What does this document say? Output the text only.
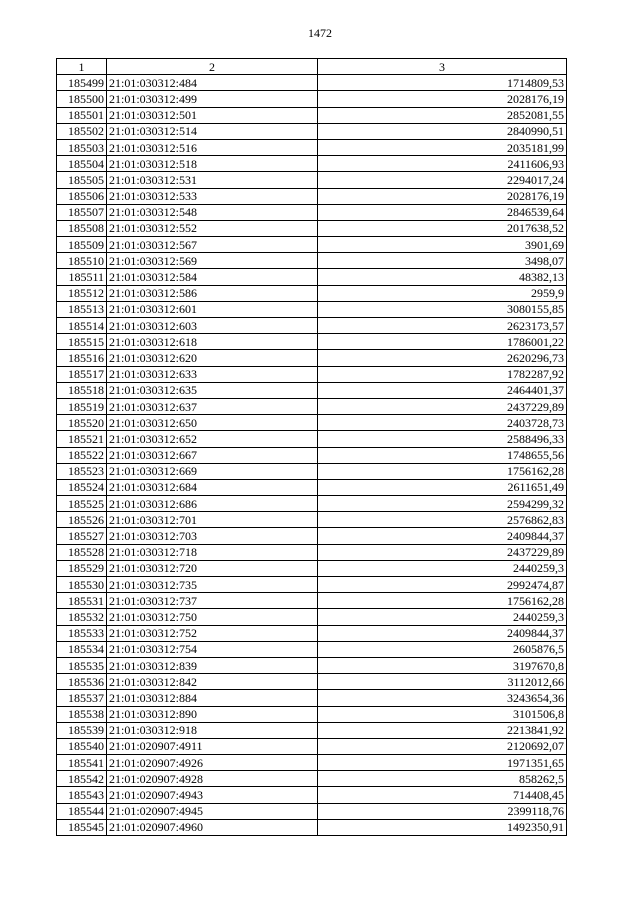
1472
1	2	3
185499	21:01:030312:484	1714809,53
185500	21:01:030312:499	2028176,19
185501	21:01:030312:501	2852081,55
185502	21:01:030312:514	2840990,51
185503	21:01:030312:516	2035181,99
185504	21:01:030312:518	2411606,93
185505	21:01:030312:531	2294017,24
185506	21:01:030312:533	2028176,19
185507	21:01:030312:548	2846539,64
185508	21:01:030312:552	2017638,52
185509	21:01:030312:567	3901,69
185510	21:01:030312:569	3498,07
185511	21:01:030312:584	48382,13
185512	21:01:030312:586	2959,9
185513	21:01:030312:601	3080155,85
185514	21:01:030312:603	2623173,57
185515	21:01:030312:618	1786001,22
185516	21:01:030312:620	2620296,73
185517	21:01:030312:633	1782287,92
185518	21:01:030312:635	2464401,37
185519	21:01:030312:637	2437229,89
185520	21:01:030312:650	2403728,73
185521	21:01:030312:652	2588496,33
185522	21:01:030312:667	1748655,56
185523	21:01:030312:669	1756162,28
185524	21:01:030312:684	2611651,49
185525	21:01:030312:686	2594299,32
185526	21:01:030312:701	2576862,83
185527	21:01:030312:703	2409844,37
185528	21:01:030312:718	2437229,89
185529	21:01:030312:720	2440259,3
185530	21:01:030312:735	2992474,87
185531	21:01:030312:737	1756162,28
185532	21:01:030312:750	2440259,3
185533	21:01:030312:752	2409844,37
185534	21:01:030312:754	2605876,5
185535	21:01:030312:839	3197670,8
185536	21:01:030312:842	3112012,66
185537	21:01:030312:884	3243654,36
185538	21:01:030312:890	3101506,8
185539	21:01:030312:918	2213841,92
185540	21:01:020907:4911	2120692,07
185541	21:01:020907:4926	1971351,65
185542	21:01:020907:4928	858262,5
185543	21:01:020907:4943	714408,45
185544	21:01:020907:4945	2399118,76
185545	21:01:020907:4960	1492350,91
